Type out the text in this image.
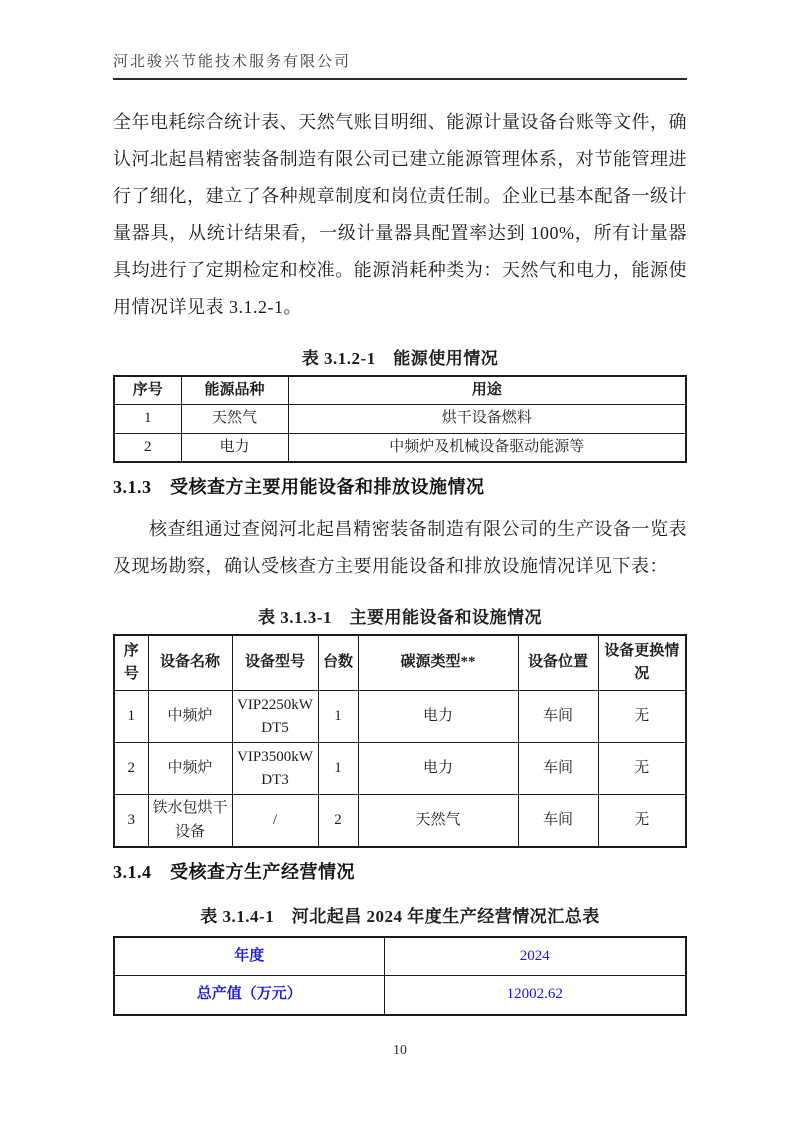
河北骏兴节能技术服务有限公司
全年电耗综合统计表、天然气账目明细、能源计量设备台账等文件，确认河北起昌精密装备制造有限公司已建立能源管理体系，对节能管理进行了细化，建立了各种规章制度和岗位责任制。企业已基本配备一级计量器具，从统计结果看，一级计量器具配置率达到 100%，所有计量器具均进行了定期检定和校准。能源消耗种类为：天然气和电力，能源使用情况详见表 3.1.2-1。
表 3.1.2-1　能源使用情况
序号	能源品种	用途
1	天然气	烘干设备燃料
2	电力	中频炉及机械设备驱动能源等
3.1.3　受核查方主要用能设备和排放设施情况
核查组通过查阅河北起昌精密装备制造有限公司的生产设备一览表及现场勘察，确认受核查方主要用能设备和排放设施情况详见下表：
表 3.1.3-1　主要用能设备和设施情况
序号	设备名称	设备型号	台数	碳源类型**	设备位置	设备更换情况
1	中频炉	VIP2250kW DT5	1	电力	车间	无
2	中频炉	VIP3500kW DT3	1	电力	车间	无
3	铁水包烘干设备	/	2	天然气	车间	无
3.1.4　受核查方生产经营情况
表 3.1.4-1　河北起昌 2024 年度生产经营情况汇总表
年度	2024
总产值（万元）	12002.62
10
